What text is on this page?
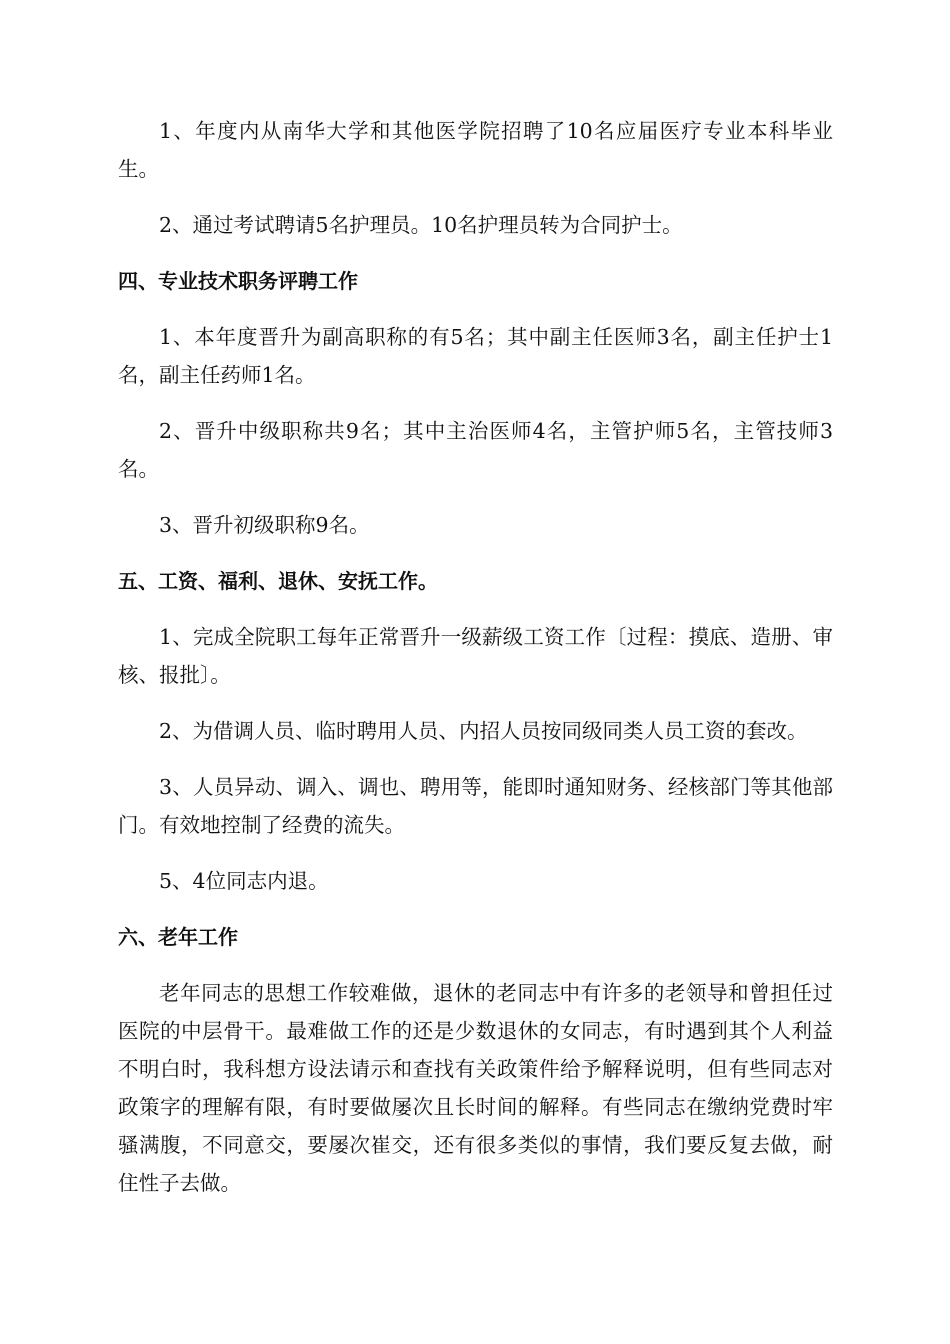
1、年度内从南华大学和其他医学院招聘了10名应届医疗专业本科毕业生。

2、通过考试聘请5名护理员。10名护理员转为合同护士。

四、专业技术职务评聘工作

1、本年度晋升为副高职称的有5名；其中副主任医师3名，副主任护士1名，副主任药师1名。

2、晋升中级职称共9名；其中主治医师4名，主管护师5名，主管技师3名。

3、晋升初级职称9名。

五、工资、福利、退休、安抚工作。

1、完成全院职工每年正常晋升一级薪级工资工作〔过程：摸底、造册、审核、报批〕。

2、为借调人员、临时聘用人员、内招人员按同级同类人员工资的套改。

3、人员异动、调入、调也、聘用等，能即时通知财务、经核部门等其他部门。有效地控制了经费的流失。

5、4位同志内退。

六、老年工作

老年同志的思想工作较难做，退休的老同志中有许多的老领导和曾担任过医院的中层骨干。最难做工作的还是少数退休的女同志，有时遇到其个人利益不明白时，我科想方设法请示和查找有关政策件给予解释说明，但有些同志对政策字的理解有限，有时要做屡次且长时间的解释。有些同志在缴纳党费时牢骚满腹，不同意交，要屡次崔交，还有很多类似的事情，我们要反复去做，耐住性子去做。
